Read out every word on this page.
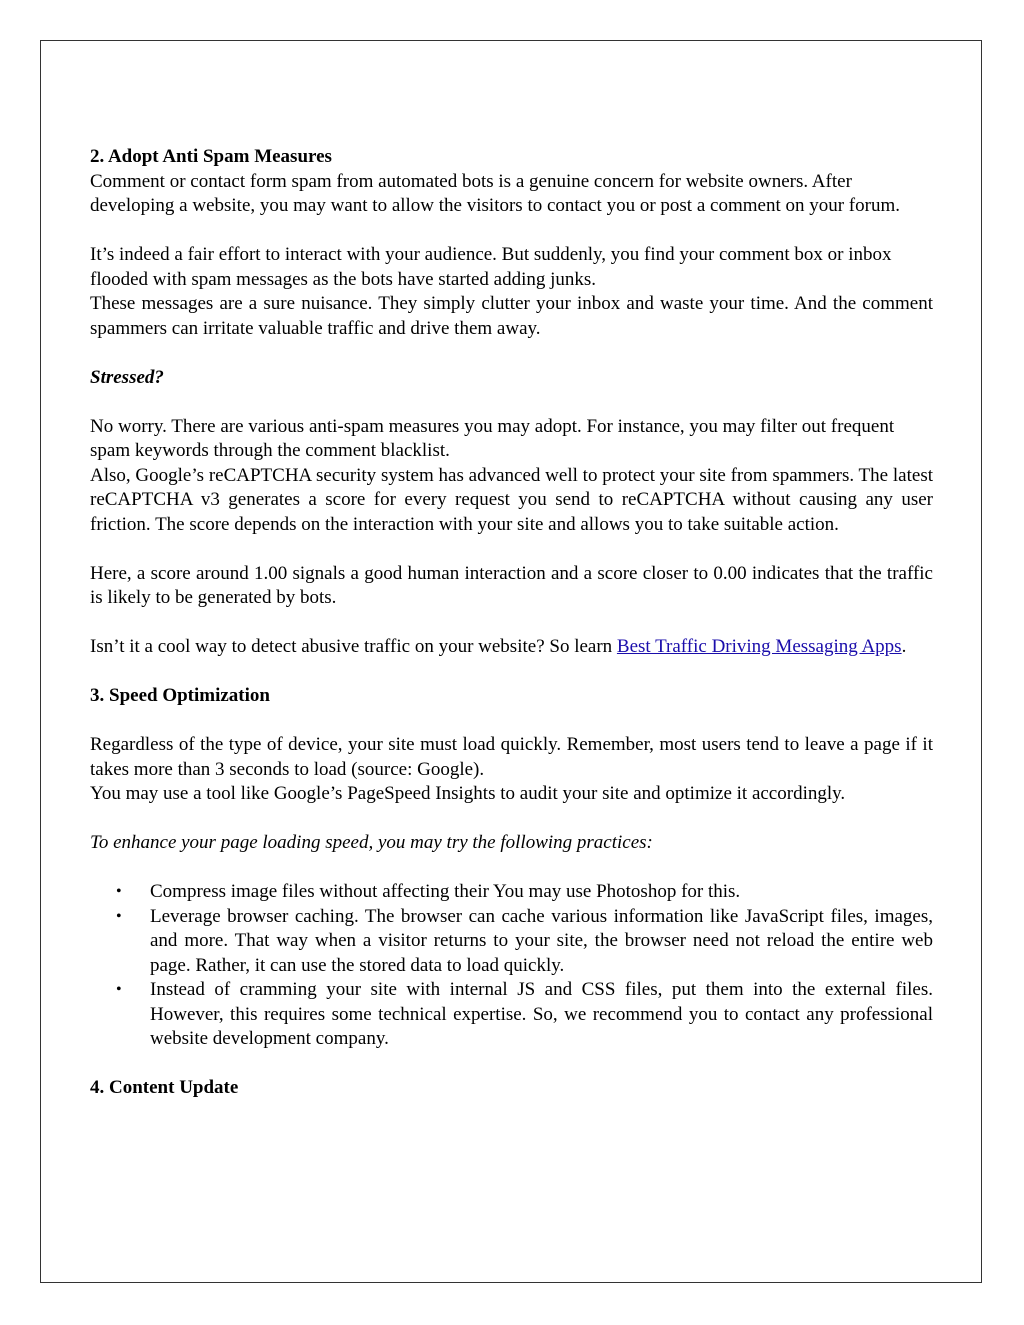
2. Adopt Anti Spam Measures

Comment or contact form spam from automated bots is a genuine concern for website owners. After developing a website, you may want to allow the visitors to contact you or post a comment on your forum.

It’s indeed a fair effort to interact with your audience. But suddenly, you find your comment box or inbox flooded with spam messages as the bots have started adding junks.

These messages are a sure nuisance. They simply clutter your inbox and waste your time. And the comment spammers can irritate valuable traffic and drive them away.

Stressed?

No worry. There are various anti-spam measures you may adopt. For instance, you may filter out frequent spam keywords through the comment blacklist.

Also, Google’s reCAPTCHA security system has advanced well to protect your site from spammers. The latest reCAPTCHA v3 generates a score for every request you send to reCAPTCHA without causing any user friction. The score depends on the interaction with your site and allows you to take suitable action.

Here, a score around 1.00 signals a good human interaction and a score closer to 0.00 indicates that the traffic is likely to be generated by bots.

Isn’t it a cool way to detect abusive traffic on your website? So learn Best Traffic Driving Messaging Apps.

3. Speed Optimization

Regardless of the type of device, your site must load quickly. Remember, most users tend to leave a page if it takes more than 3 seconds to load (source: Google).

You may use a tool like Google’s PageSpeed Insights to audit your site and optimize it accordingly.

To enhance your page loading speed, you may try the following practices:

• Compress image files without affecting their You may use Photoshop for this.
• Leverage browser caching. The browser can cache various information like JavaScript files, images, and more. That way when a visitor returns to your site, the browser need not reload the entire web page. Rather, it can use the stored data to load quickly.
• Instead of cramming your site with internal JS and CSS files, put them into the external files. However, this requires some technical expertise. So, we recommend you to contact any professional website development company.

4. Content Update
